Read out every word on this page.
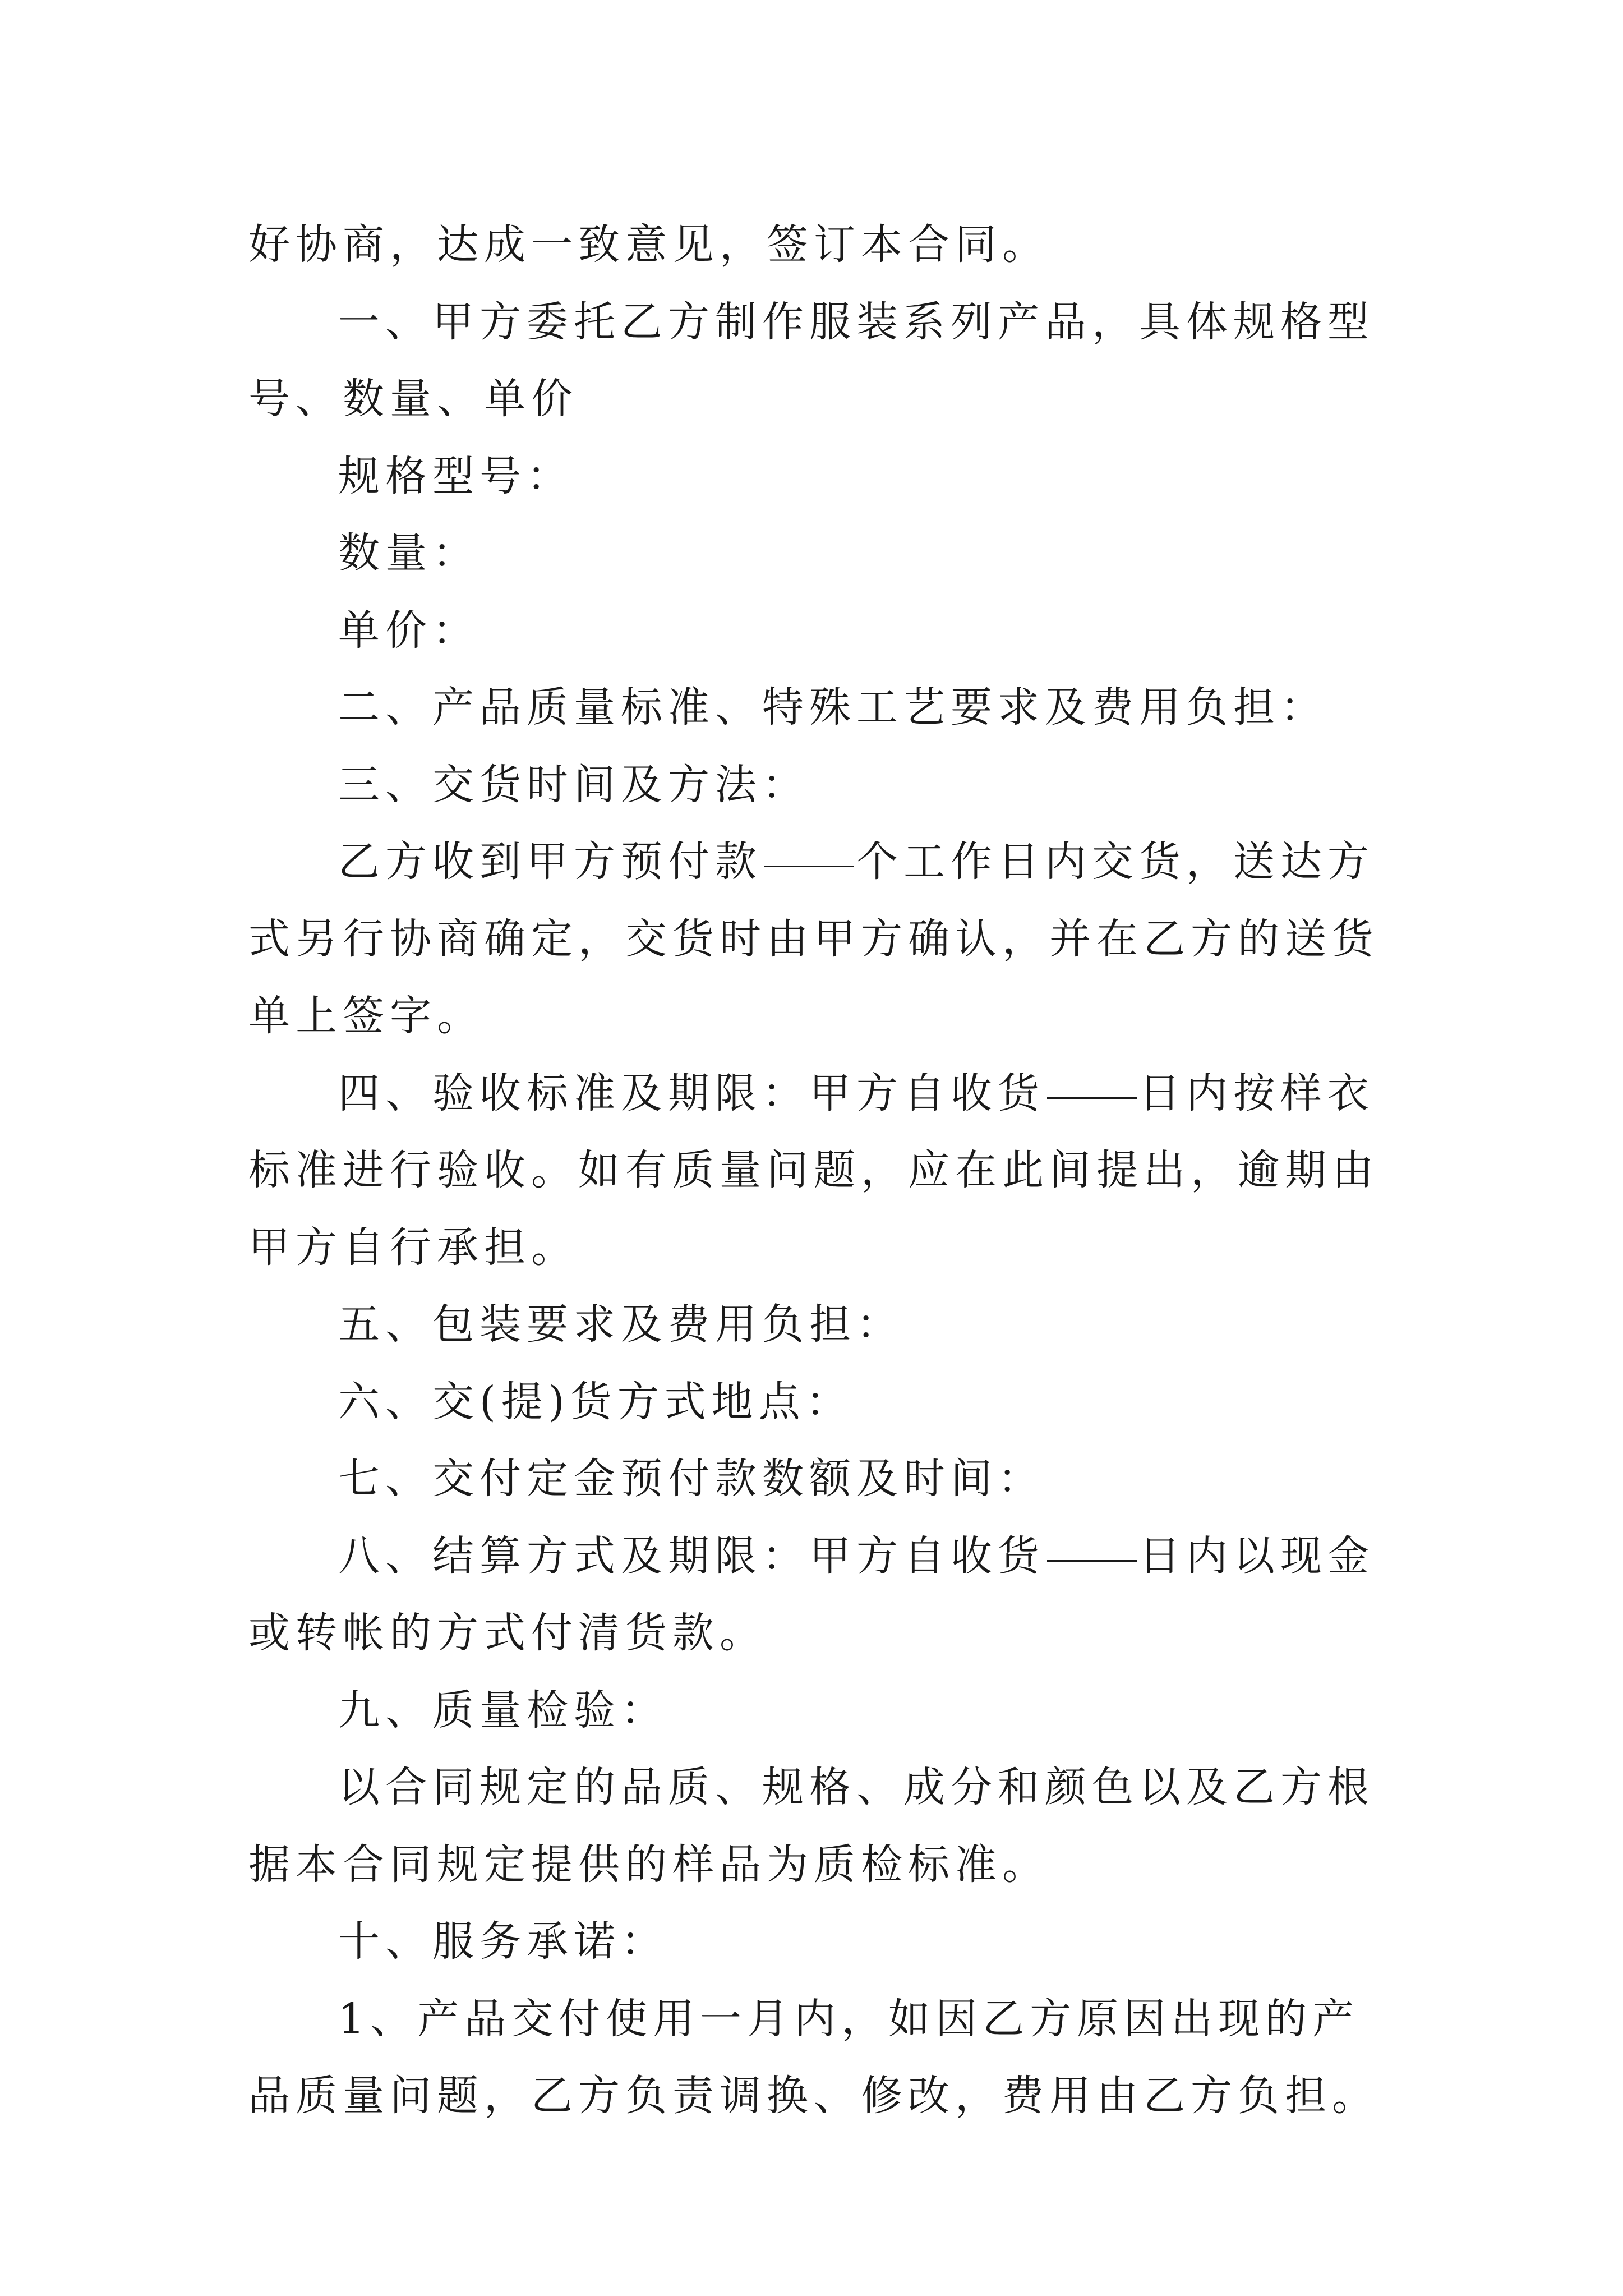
好协商，达成一致意见，签订本合同。

一、甲方委托乙方制作服装系列产品，具体规格型号、数量、单价

规格型号：

数量：

单价：

二、产品质量标准、特殊工艺要求及费用负担：

三、交货时间及方法：

乙方收到甲方预付款 个工作日内交货，送达方式另行协商确定，交货时由甲方确认，并在乙方的送货单上签字。

四、验收标准及期限：甲方自收货 日内按样衣标准进行验收。如有质量问题，应在此间提出，逾期由甲方自行承担。

五、包装要求及费用负担：

六、交(提)货方式地点：

七、交付定金预付款数额及时间：

八、结算方式及期限：甲方自收货 日内以现金或转帐的方式付清货款。

九、质量检验：

以合同规定的品质、规格、成分和颜色以及乙方根据本合同规定提供的样品为质检标准。

十、服务承诺：

1、产品交付使用一月内，如因乙方原因出现的产品质量问题，乙方负责调换、修改，费用由乙方负担。
